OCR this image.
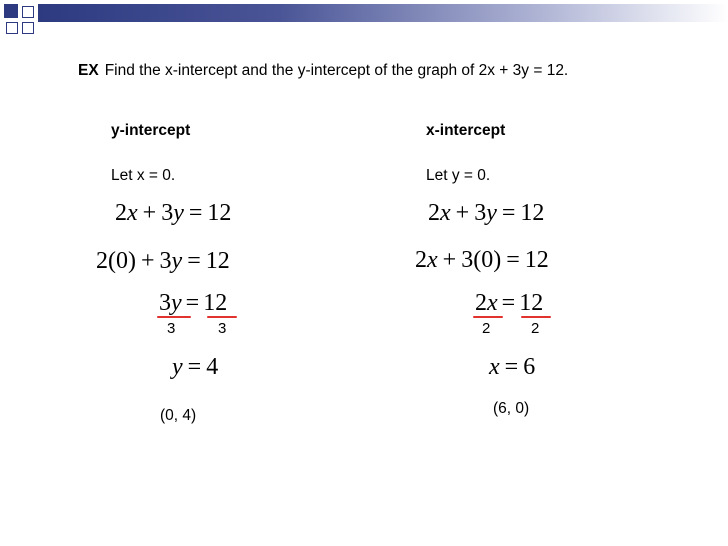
EX Find the x-intercept and the y-intercept of the graph of 2x + 3y = 12.
y-intercept
Let x = 0.
2x + 3y = 12
2(0) + 3y = 12
3y = 12
3	3
y = 4
(0, 4)
x-intercept
Let y = 0.
2x + 3y = 12
2x + 3(0) = 12
2x = 12
2	2
x = 6
(6, 0)
